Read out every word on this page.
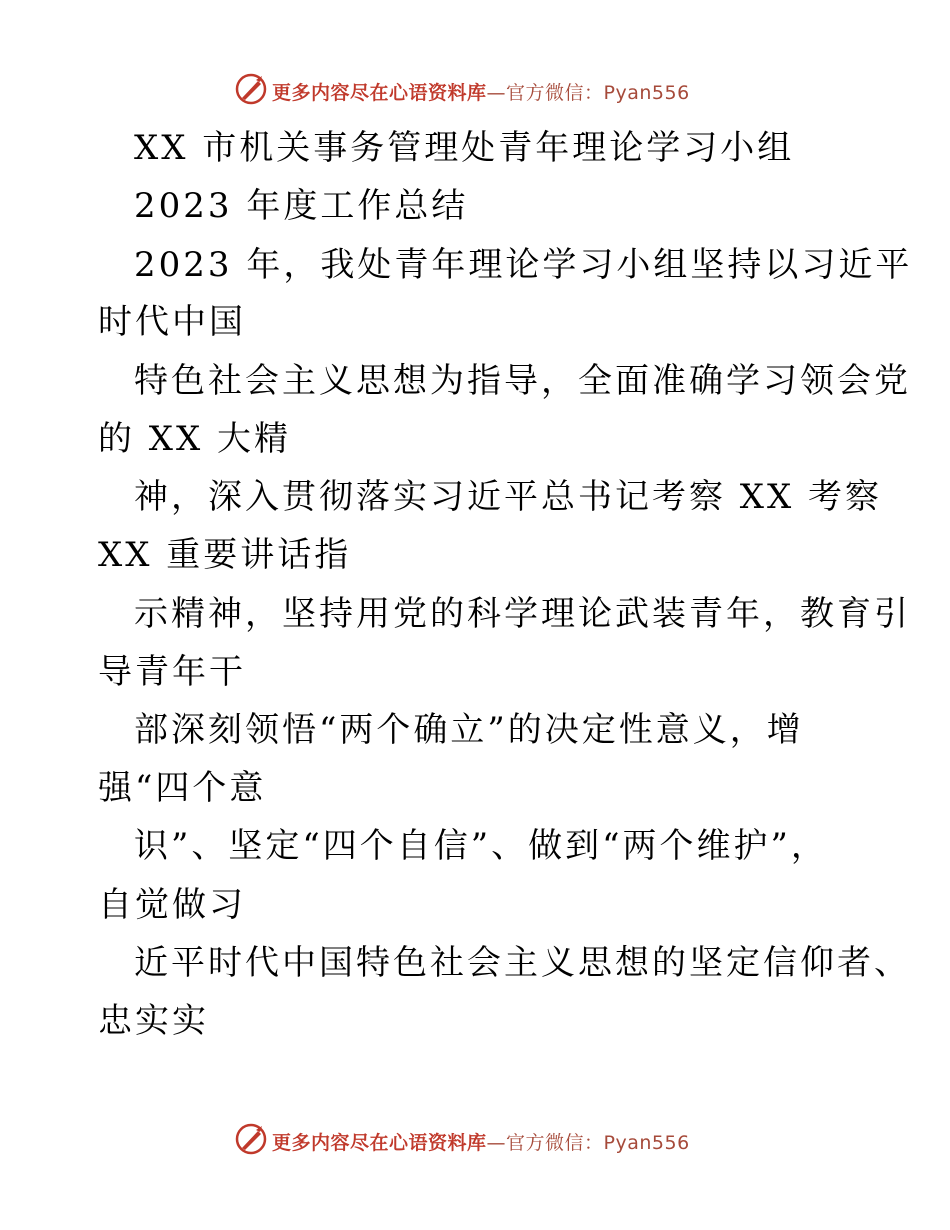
更多内容尽在心语资料库—官方微信：Pyan556
XX 市机关事务管理处青年理论学习小组
2023 年度工作总结
2023 年，我处青年理论学习小组坚持以习近平
时代中国
特色社会主义思想为指导，全面准确学习领会党
的 XX 大精
神，深入贯彻落实习近平总书记考察 XX 考察
XX 重要讲话指
示精神，坚持用党的科学理论武装青年，教育引
导青年干
部深刻领悟“两个确立”的决定性意义，增
强“四个意
识”、坚定“四个自信”、做到“两个维护”，
自觉做习
近平时代中国特色社会主义思想的坚定信仰者、
忠实实
更多内容尽在心语资料库—官方微信：Pyan556
